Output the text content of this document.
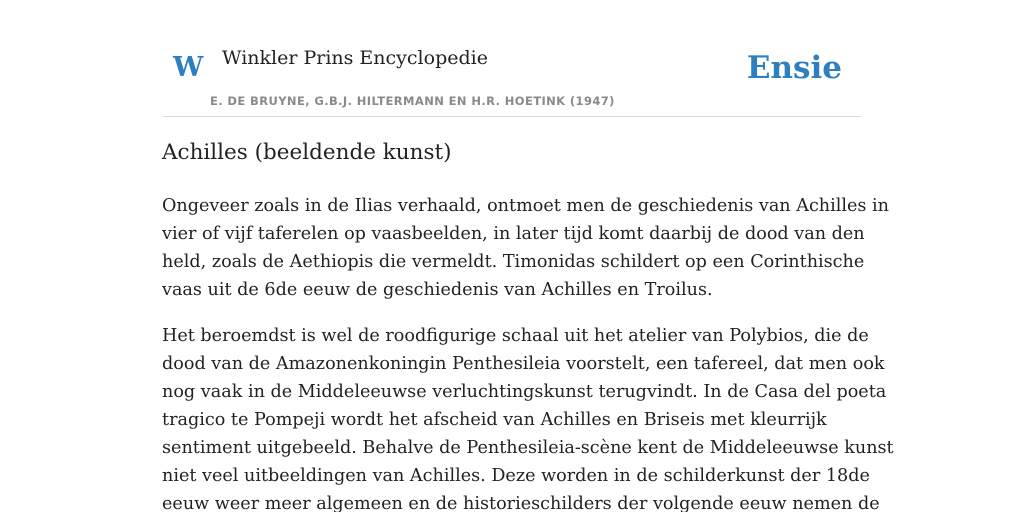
W Winkler Prins Encyclopedie
E. DE BRUYNE, G.B.J. HILTERMANN EN H.R. HOETINK (1947)
Ensie
Achilles (beeldende kunst)

Ongeveer zoals in de Ilias verhaald, ontmoet men de geschiedenis van Achilles in
vier of vijf taferelen op vaasbeelden, in later tijd komt daarbij de dood van den
held, zoals de Aethiopis die vermeldt. Timonidas schildert op een Corinthische
vaas uit de 6de eeuw de geschiedenis van Achilles en Troilus.

Het beroemdst is wel de roodfigurige schaal uit het atelier van Polybios, die de
dood van de Amazonenkoningin Penthesileia voorstelt, een tafereel, dat men ook
nog vaak in de Middeleeuwse verluchtingskunst terugvindt. In de Casa del poeta
tragico te Pompeji wordt het afscheid van Achilles en Briseis met kleurrijk
sentiment uitgebeeld. Behalve de Penthesileia-scène kent de Middeleeuwse kunst
niet veel uitbeeldingen van Achilles. Deze worden in de schilderkunst der 18de
eeuw weer meer algemeen en de historieschilders der volgende eeuw nemen de
